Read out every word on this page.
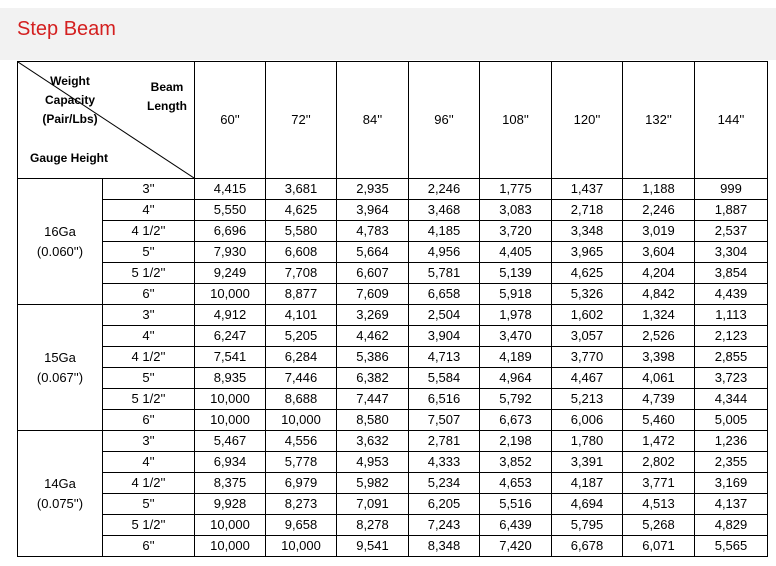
Step Beam
Weight Capacity (Pair/Lbs)
Beam Length
Gauge Height		60''	72''	84''	96''	108''	120''	132''	144''

16Ga
(0.060'')	3''	4,415	3,681	2,935	2,246	1,775	1,437	1,188	999
	4''	5,550	4,625	3,964	3,468	3,083	2,718	2,246	1,887
	4 1/2''	6,696	5,580	4,783	4,185	3,720	3,348	3,019	2,537
	5''	7,930	6,608	5,664	4,956	4,405	3,965	3,604	3,304
	5 1/2''	9,249	7,708	6,607	5,781	5,139	4,625	4,204	3,854
	6''	10,000	8,877	7,609	6,658	5,918	5,326	4,842	4,439

15Ga
(0.067'')	3''	4,912	4,101	3,269	2,504	1,978	1,602	1,324	1,113
	4''	6,247	5,205	4,462	3,904	3,470	3,057	2,526	2,123
	4 1/2''	7,541	6,284	5,386	4,713	4,189	3,770	3,398	2,855
	5''	8,935	7,446	6,382	5,584	4,964	4,467	4,061	3,723
	5 1/2''	10,000	8,688	7,447	6,516	5,792	5,213	4,739	4,344
	6''	10,000	10,000	8,580	7,507	6,673	6,006	5,460	5,005

14Ga
(0.075'')	3''	5,467	4,556	3,632	2,781	2,198	1,780	1,472	1,236
	4''	6,934	5,778	4,953	4,333	3,852	3,391	2,802	2,355
	4 1/2''	8,375	6,979	5,982	5,234	4,653	4,187	3,771	3,169
	5''	9,928	8,273	7,091	6,205	5,516	4,694	4,513	4,137
	5 1/2''	10,000	9,658	8,278	7,243	6,439	5,795	5,268	4,829
	6''	10,000	10,000	9,541	8,348	7,420	6,678	6,071	5,565
